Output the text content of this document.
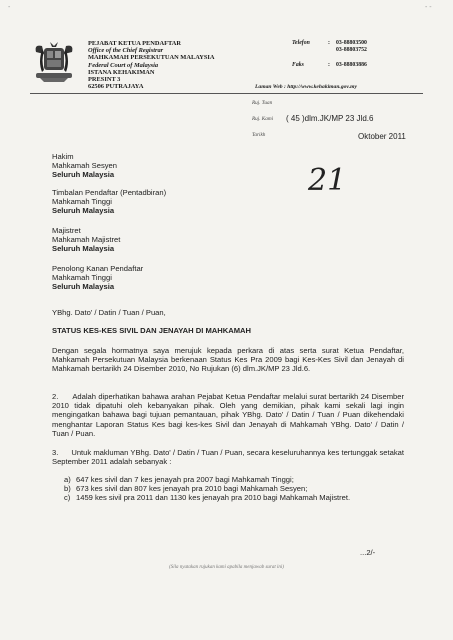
-	- -
PEJABAT KETUA PENDAFTAR
Office of the Chief Registrar
MAHKAMAH PERSEKUTUAN MALAYSIA
Federal Court of Malaysia
ISTANA KEHAKIMAN
PRESINT 3
62506 PUTRAJAYA
Telefon	:	03-88803500
03-88803752
Faks	:	03-88803886
Laman Web : http://www.kehakiman.gov.my
Ruj. Tuan
Ruj. Kami ( 45 )dlm.JK/MP 23 Jld.6
Tarikh	Oktober 2011
21
Hakim
Mahkamah Sesyen
Seluruh Malaysia
Timbalan Pendaftar (Pentadbiran)
Mahkamah Tinggi
Seluruh Malaysia
Majistret
Mahkamah Majistret
Seluruh Malaysia
Penolong Kanan Pendaftar
Mahkamah Tinggi
Seluruh Malaysia
YBhg. Dato' / Datin / Tuan / Puan,
STATUS KES-KES SIVIL DAN JENAYAH DI MAHKAMAH
Dengan segala hormatnya saya merujuk kepada perkara di atas serta surat Ketua Pendaftar, Mahkamah Persekutuan Malaysia berkenaan Status Kes Pra 2009 bagi Kes-Kes Sivil dan Jenayah di Mahkamah bertarikh 24 Disember 2010, No Rujukan (6) dlm.JK/MP 23 Jld.6.
2.      Adalah diperhatikan bahawa arahan Pejabat Ketua Pendaftar melalui surat bertarikh 24 Disember 2010 tidak dipatuhi oleh kebanyakan pihak. Oleh yang demikian, pihak kami sekali lagi ingin mengingatkan bahawa bagi tujuan pemantauan, pihak YBhg. Dato' / Datin / Tuan / Puan dikehendaki menghantar Laporan Status Kes bagi kes-kes Sivil dan Jenayah di Mahkamah YBhg. Dato' / Datin / Tuan / Puan.
3.      Untuk makluman YBhg. Dato' / Datin / Tuan / Puan, secara keseluruhannya kes tertunggak setakat September 2011 adalah sebanyak :
a) 647 kes sivil dan 7 kes jenayah pra 2007 bagi Mahkamah Tinggi;
b) 673 kes sivil dan 807 kes jenayah pra 2010 bagi Mahkamah Sesyen;
c) 1459 kes sivil pra 2011 dan 1130 kes jenayah pra 2010 bagi Mahkamah Majistret.
...2/-
(Sila nyatakan rujukan kami apabila menjawab surat ini)
